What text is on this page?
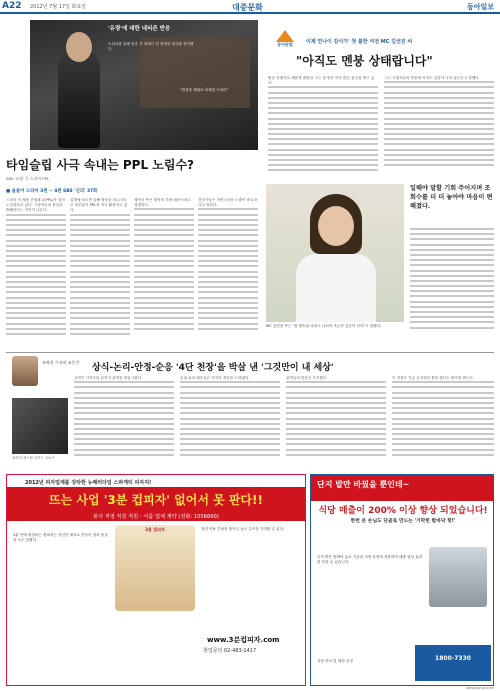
A22 2012년 7월 17일 화요일	대중문화	동아일보
'유령'에 대한 네티즌 반응
트위터를 통해 방송 후 화제가 된 장면과 대사를 정리했다.
"현실을 제대로 파헤친 드라마"
드라마 '유령'의 한 장면. 사이버 수사대를 배경으로 한 이 드라마는 극 중 다양한 제품이 자연스럽게 등장한다.
타임슬립 사극 속내는 PPL 노림수?
SBS '유령' 등 드라마 PPL
■ 올들어 드라마 3편 ~ 4편 SBS '신의' 37화
드라마 속 제품 간접광고(PPL)가 점점 노골화되고 있다. 시청자들의 몰입을 방해한다는 지적이 나온다.
업계에 따르면 올해 방송된 미니시리즈 대부분이 PPL을 적극 활용하고 있다.
제작사 측은 제작비 부담 때문이라고 설명한다.
전문가들은 자연스러운 노출이 중요하다고 말한다.
동아닷컴	이제 연나이 감사가' 첫 불한 여전 MC 김선진 씨
"아직도 멘붕 상태랍니다"
방송 진행자로 새롭게 출발한 그는 첫 방송 이후 많은 관심을 받고 있다.
그는 시청자들의 반응에 아직도 실감이 나지 않는다고 말했다.
MC 김선진 씨는 "첫 방송을 마치고 나서야 조금씩 실감이 난다"고 말했다.
일해야 말할 기회 주어지며 조회수를 더 더 놓아야 마음이 편해졌다.
조학진 기자의 조동간
상식-논리-안정-순응 '4단 천장'을 박살 낸 '그것만이 내 세상'
조하진 캐스팅 사이드 크로즈
공연은 시작부터 끝까지 관객을 몰입시켰다.	무대 위의 배우들은 각자의 개성을 드러냈다.	관객들의 반응은 뜨거웠다.	이 작품은 기존 뮤지컬의 틀을 깼다는 평가를 받는다.
2012년 피자업계를 강타한 뉴패러다임 스파게티 피자지!
뜨는 사업 '3분 컵피자' 없어서 못 판다!!
본사 직영 직원 직원 - 식품 업체 계약 (전화: 1056660)
3분 만에 완성되는 컵피자는 신선한 재료로 만들어 맛과 품질을 모두 갖췄다.
3분 컵피자	창업 비용 부담을 줄이고 높은 수익을 기대할 수 있다.
www.3분컵피자.com
창업문의 02-483-1417
단지 발만 바꿨을 뿐인데~
식당 매출이 200% 이상 향상 되었습니다!
한번 본 손님도 단골로 만드는 '기막힌 발바닥 핫!'
특허 받은 발바닥 효소 기술을 식당 운영에 적용하여 매출 향상 효과를 얻을 수 있습니다.
상담 문의 및 체험 신청	1800-7330
www.donga.com
